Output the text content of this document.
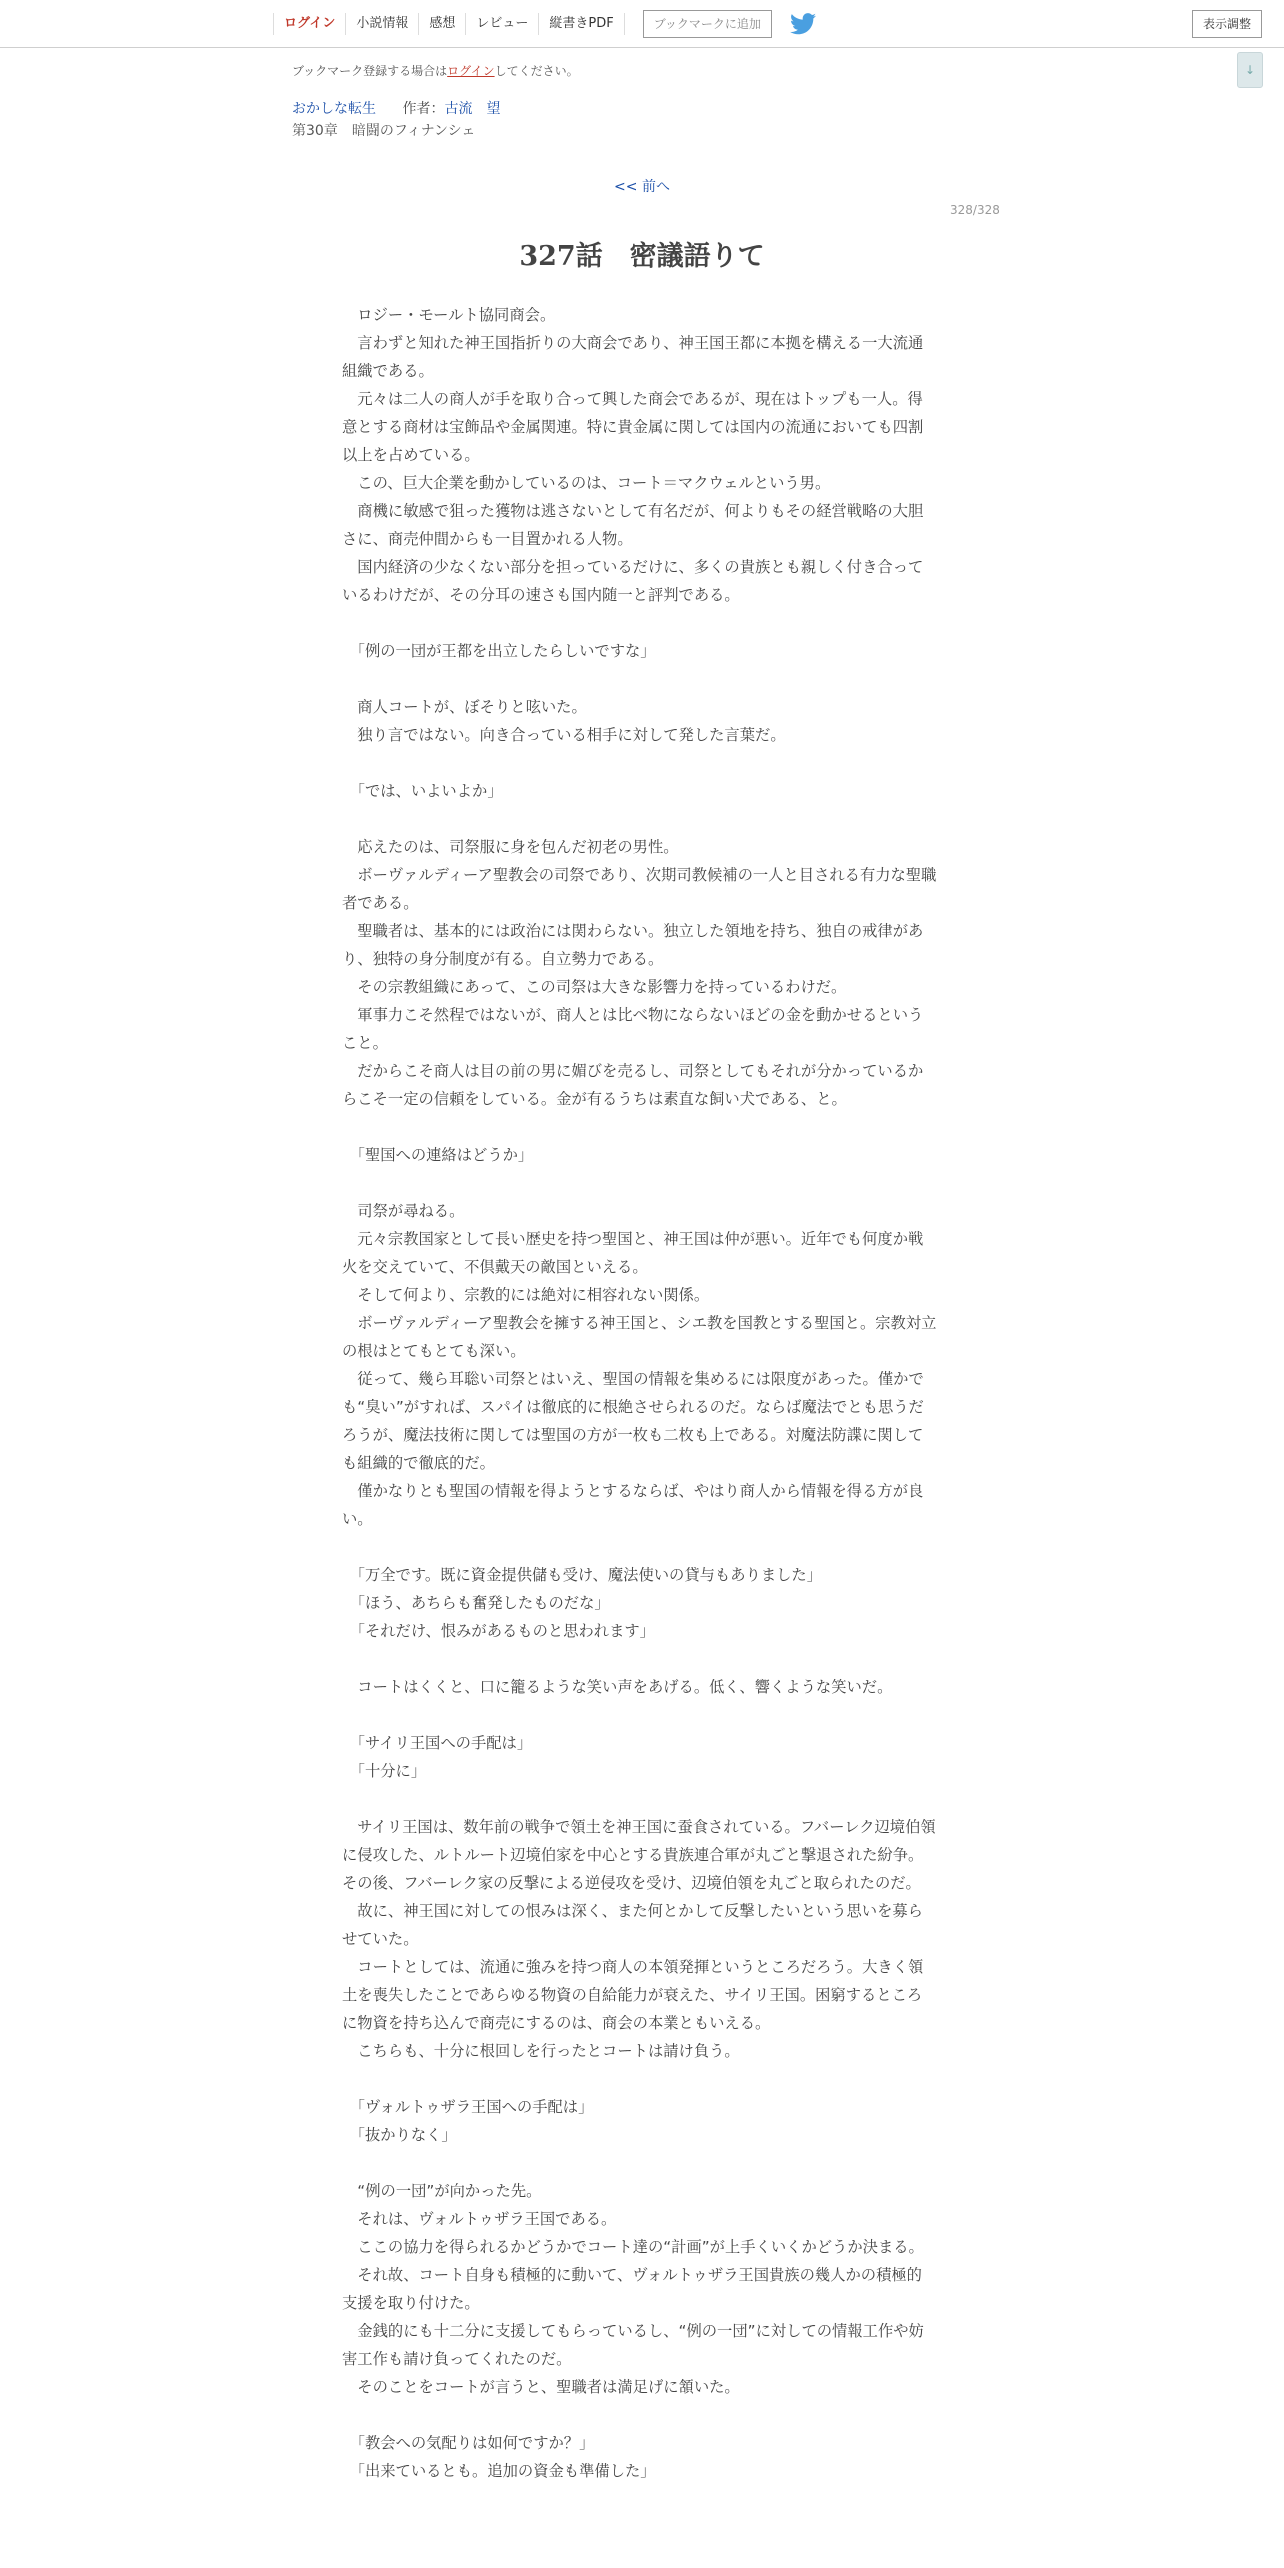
ログイン	小説情報	感想	レビュー	縦書きPDF	ブックマークに追加	表示調整
↓
ブックマーク登録する場合はログインしてください。
おかしな転生 作者：古流　望
第30章　暗闘のフィナンシェ
<< 前へ
328/328
327話　密議語りて

　ロジー・モールト協同商会。

　言わずと知れた神王国指折りの大商会であり、神王国王都に本拠を構える一大流通組織である。

　元々は二人の商人が手を取り合って興した商会であるが、現在はトップも一人。得意とする商材は宝飾品や金属関連。特に貴金属に関しては国内の流通においても四割以上を占めている。

　この、巨大企業を動かしているのは、コート＝マクウェルという男。

　商機に敏感で狙った獲物は逃さないとして有名だが、何よりもその経営戦略の大胆さに、商売仲間からも一目置かれる人物。

　国内経済の少なくない部分を担っているだけに、多くの貴族とも親しく付き合っているわけだが、その分耳の速さも国内随一と評判である。

　「例の一団が王都を出立したらしいですな」

　商人コートが、ぼそりと呟いた。

　独り言ではない。向き合っている相手に対して発した言葉だ。

　「では、いよいよか」

　応えたのは、司祭服に身を包んだ初老の男性。

　ボーヴァルディーア聖教会の司祭であり、次期司教候補の一人と目される有力な聖職者である。

　聖職者は、基本的には政治には関わらない。独立した領地を持ち、独自の戒律があり、独特の身分制度が有る。自立勢力である。

　その宗教組織にあって、この司祭は大きな影響力を持っているわけだ。

　軍事力こそ然程ではないが、商人とは比べ物にならないほどの金を動かせるということ。

　だからこそ商人は目の前の男に媚びを売るし、司祭としてもそれが分かっているからこそ一定の信頼をしている。金が有るうちは素直な飼い犬である、と。

　「聖国への連絡はどうか」

　司祭が尋ねる。

　元々宗教国家として長い歴史を持つ聖国と、神王国は仲が悪い。近年でも何度か戦火を交えていて、不倶戴天の敵国といえる。

　そして何より、宗教的には絶対に相容れない関係。

　ボーヴァルディーア聖教会を擁する神王国と、シエ教を国教とする聖国と。宗教対立の根はとてもとても深い。

　従って、幾ら耳聡い司祭とはいえ、聖国の情報を集めるには限度があった。僅かでも“臭い”がすれば、スパイは徹底的に根絶させられるのだ。ならば魔法でとも思うだろうが、魔法技術に関しては聖国の方が一枚も二枚も上である。対魔法防諜に関しても組織的で徹底的だ。

　僅かなりとも聖国の情報を得ようとするならば、やはり商人から情報を得る方が良い。

　「万全です。既に資金提供儲も受け、魔法使いの貸与もありました」

　「ほう、あちらも奮発したものだな」

　「それだけ、恨みがあるものと思われます」

　コートはくくと、口に籠るような笑い声をあげる。低く、響くような笑いだ。

　「サイリ王国への手配は」

　「十分に」

　サイリ王国は、数年前の戦争で領土を神王国に蚕食されている。フバーレク辺境伯領に侵攻した、ルトルート辺境伯家を中心とする貴族連合軍が丸ごと撃退された紛争。その後、フバーレク家の反撃による逆侵攻を受け、辺境伯領を丸ごと取られたのだ。

　故に、神王国に対しての恨みは深く、また何とかして反撃したいという思いを募らせていた。

　コートとしては、流通に強みを持つ商人の本領発揮というところだろう。大きく領土を喪失したことであらゆる物資の自給能力が衰えた、サイリ王国。困窮するところに物資を持ち込んで商売にするのは、商会の本業ともいえる。

　こちらも、十分に根回しを行ったとコートは請け負う。

　「ヴォルトゥザラ王国への手配は」

　「抜かりなく」

　“例の一団”が向かった先。

　それは、ヴォルトゥザラ王国である。

　ここの協力を得られるかどうかでコート達の“計画”が上手くいくかどうか決まる。

　それ故、コート自身も積極的に動いて、ヴォルトゥザラ王国貴族の幾人かの積極的支援を取り付けた。

　金銭的にも十二分に支援してもらっているし、“例の一団”に対しての情報工作や妨害工作も請け負ってくれたのだ。

　そのことをコートが言うと、聖職者は満足げに頷いた。

　「教会への気配りは如何ですか？」

　「出来ているとも。追加の資金も準備した」
